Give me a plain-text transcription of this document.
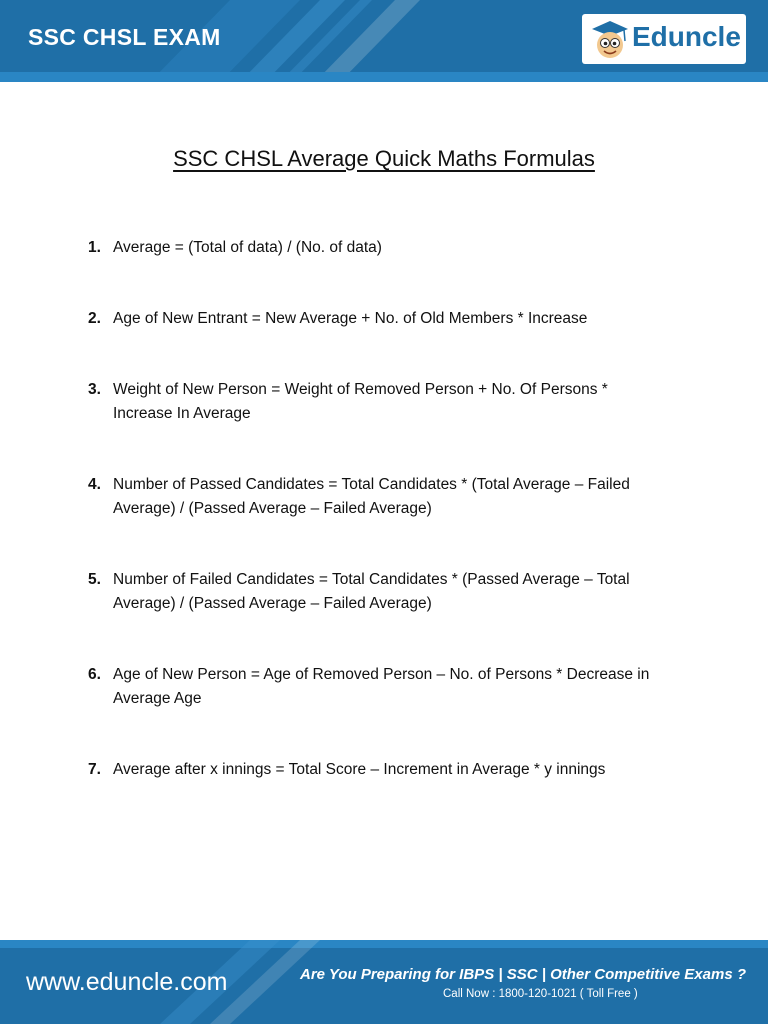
SSC CHSL EXAM	Eduncle
SSC CHSL Average Quick Maths Formulas
1. Average = (Total of data) / (No. of data)
2. Age of New Entrant = New Average + No. of Old Members * Increase
3. Weight of New Person = Weight of Removed Person + No. Of Persons * Increase In Average
4. Number of Passed Candidates = Total Candidates * (Total Average – Failed Average) / (Passed Average – Failed Average)
5. Number of Failed Candidates = Total Candidates * (Passed Average – Total Average) / (Passed Average – Failed Average)
6. Age of New Person = Age of Removed Person – No. of Persons * Decrease in Average Age
7. Average after x innings = Total Score – Increment in Average * y innings
www.eduncle.com	Are You Preparing for IBPS | SSC | Other Competitive Exams ?
Call Now : 1800-120-1021 ( Toll Free )
